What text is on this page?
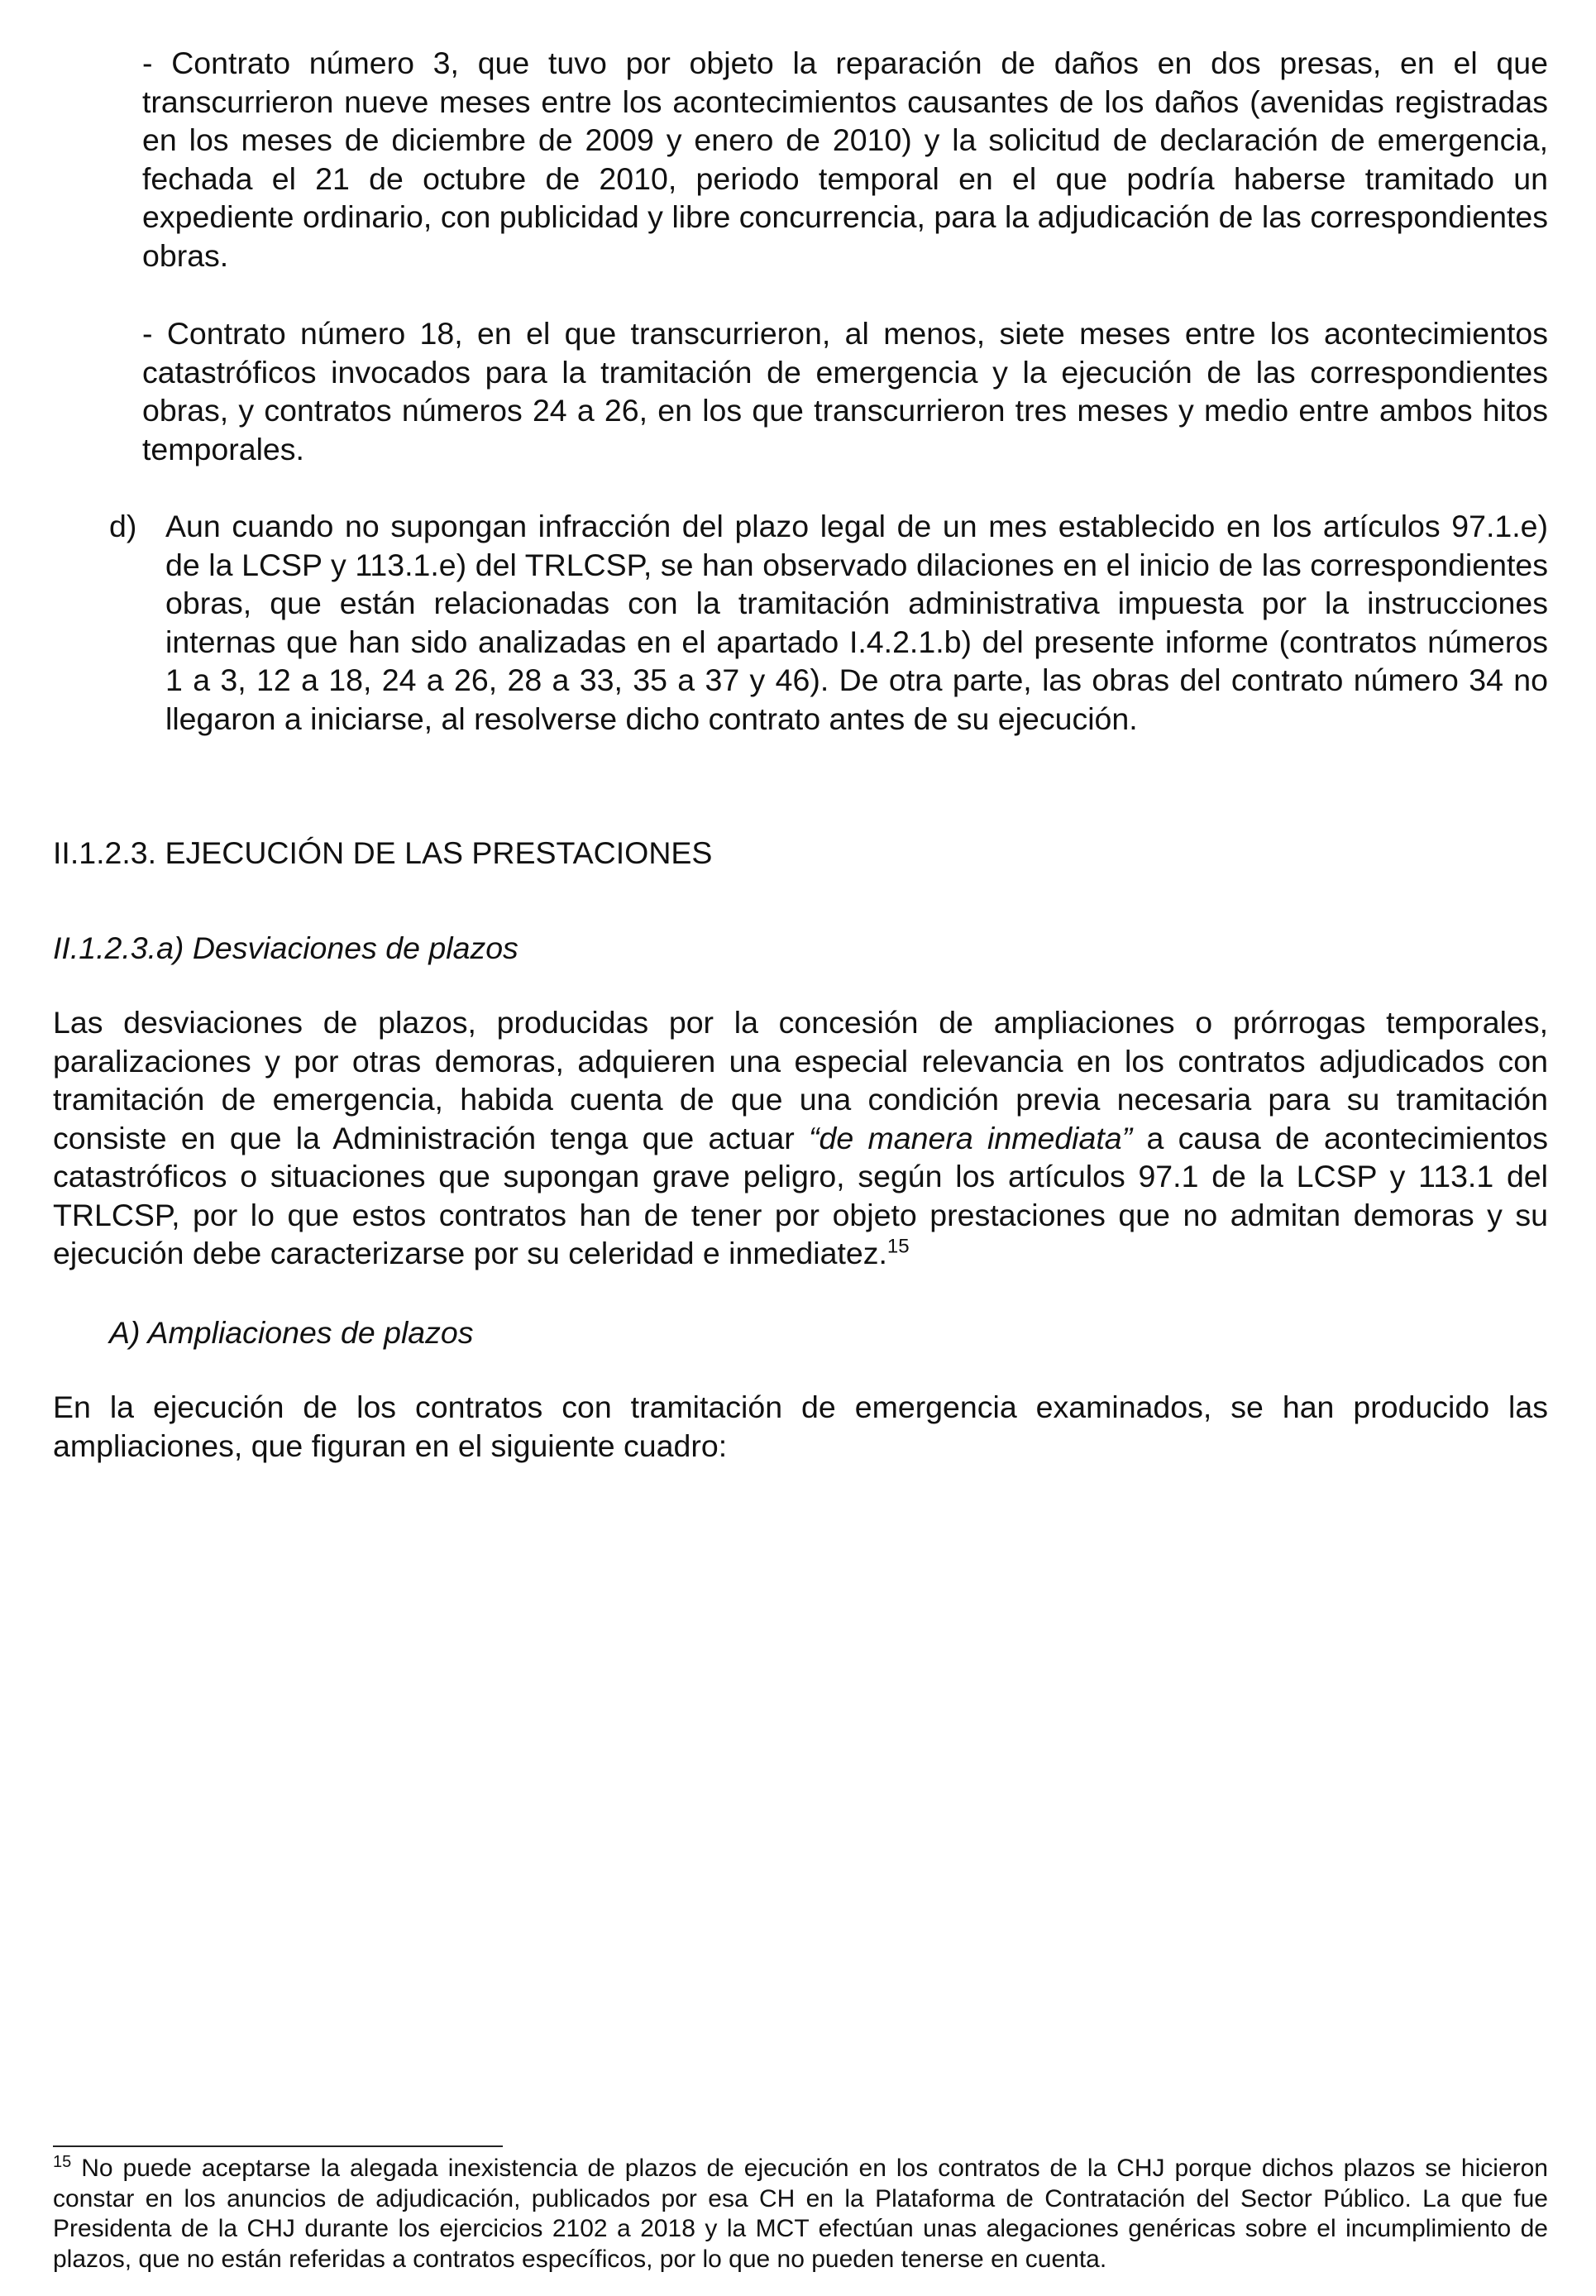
- Contrato número 3, que tuvo por objeto la reparación de daños en dos presas, en el que transcurrieron nueve meses entre los acontecimientos causantes de los daños (avenidas registradas en los meses de diciembre de 2009 y enero de 2010) y la solicitud de declaración de emergencia, fechada el 21 de octubre de 2010, periodo temporal en el que podría haberse tramitado un expediente ordinario, con publicidad y libre concurrencia, para la adjudicación de las correspondientes obras.

- Contrato número 18, en el que transcurrieron, al menos, siete meses entre los acontecimientos catastróficos invocados para la tramitación de emergencia y la ejecución de las correspondientes obras, y contratos números 24 a 26, en los que transcurrieron tres meses y medio entre ambos hitos temporales.

d) Aun cuando no supongan infracción del plazo legal de un mes establecido en los artículos 97.1.e) de la LCSP y 113.1.e) del TRLCSP, se han observado dilaciones en el inicio de las correspondientes obras, que están relacionadas con la tramitación administrativa impuesta por la instrucciones internas que han sido analizadas en el apartado I.4.2.1.b) del presente informe (contratos números 1 a 3, 12 a 18, 24 a 26, 28 a 33, 35 a 37 y 46). De otra parte, las obras del contrato número 34 no llegaron a iniciarse, al resolverse dicho contrato antes de su ejecución.

II.1.2.3. EJECUCIÓN DE LAS PRESTACIONES
II.1.2.3.a) Desviaciones de plazos

Las desviaciones de plazos, producidas por la concesión de ampliaciones o prórrogas temporales, paralizaciones y por otras demoras, adquieren una especial relevancia en los contratos adjudicados con tramitación de emergencia, habida cuenta de que una condición previa necesaria para su tramitación consiste en que la Administración tenga que actuar “de manera inmediata” a causa de acontecimientos catastróficos o situaciones que supongan grave peligro, según los artículos 97.1 de la LCSP y 113.1 del TRLCSP, por lo que estos contratos han de tener por objeto prestaciones que no admitan demoras y su ejecución debe caracterizarse por su celeridad e inmediatez.$^{15}$

A) Ampliaciones de plazos

En la ejecución de los contratos con tramitación de emergencia examinados, se han producido las ampliaciones, que figuran en el siguiente cuadro:

$^{15}$ No puede aceptarse la alegada inexistencia de plazos de ejecución en los contratos de la CHJ porque dichos plazos se hicieron constar en los anuncios de adjudicación, publicados por esa CH en la Plataforma de Contratación del Sector Público. La que fue Presidenta de la CHJ durante los ejercicios 2102 a 2018 y la MCT efectúan unas alegaciones genéricas sobre el incumplimiento de plazos, que no están referidas a contratos específicos, por lo que no pueden tenerse en cuenta.
